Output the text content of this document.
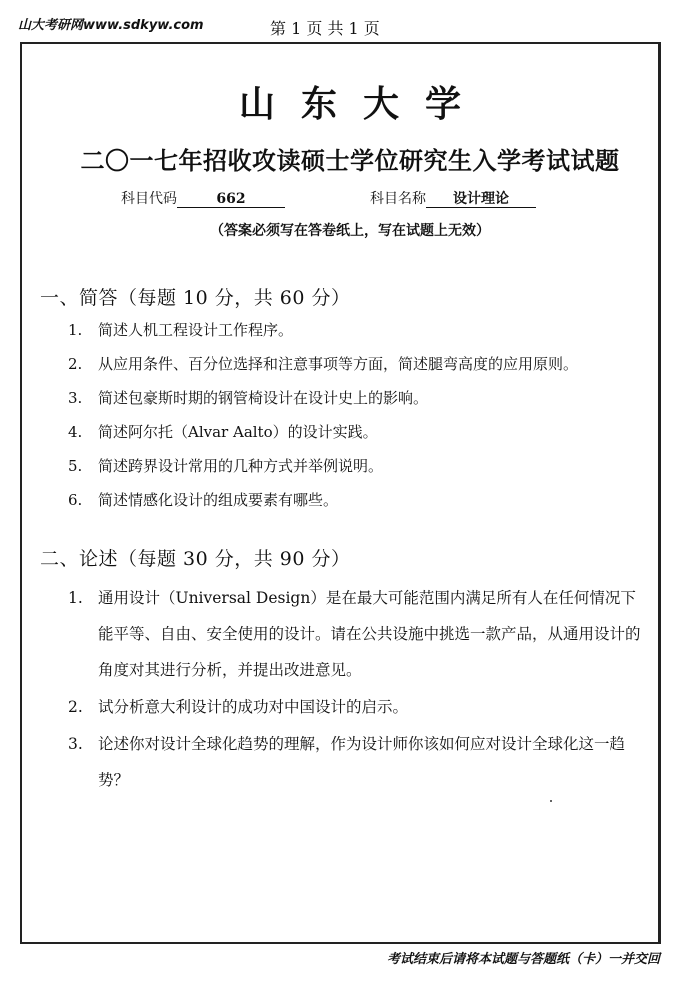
山大考研网www.sdkyw.com	第 1 页 共 1 页
山东大学
二〇一七年招收攻读硕士学位研究生入学考试试题
科目代码	662	科目名称 设计理论
（答案必须写在答卷纸上，写在试题上无效）
一、简答（每题 10 分，共 60 分）
1.	简述人机工程设计工作程序。
2.	从应用条件、百分位选择和注意事项等方面，简述腿弯高度的应用原则。
3.	简述包豪斯时期的钢管椅设计在设计史上的影响。
4.	简述阿尔托（Alvar Aalto）的设计实践。
5.	简述跨界设计常用的几种方式并举例说明。
6.	简述情感化设计的组成要素有哪些。
二、论述（每题 30 分，共 90 分）
1. 通用设计（Universal Design）是在最大可能范围内满足所有人在任何情况下能平等、自由、安全使用的设计。请在公共设施中挑选一款产品，从通用设计的角度对其进行分析，并提出改进意见。
2. 试分析意大利设计的成功对中国设计的启示。
3. 论述你对设计全球化趋势的理解，作为设计师你该如何应对设计全球化这一趋势？
考试结束后请将本试题与答题纸（卡）一并交回
